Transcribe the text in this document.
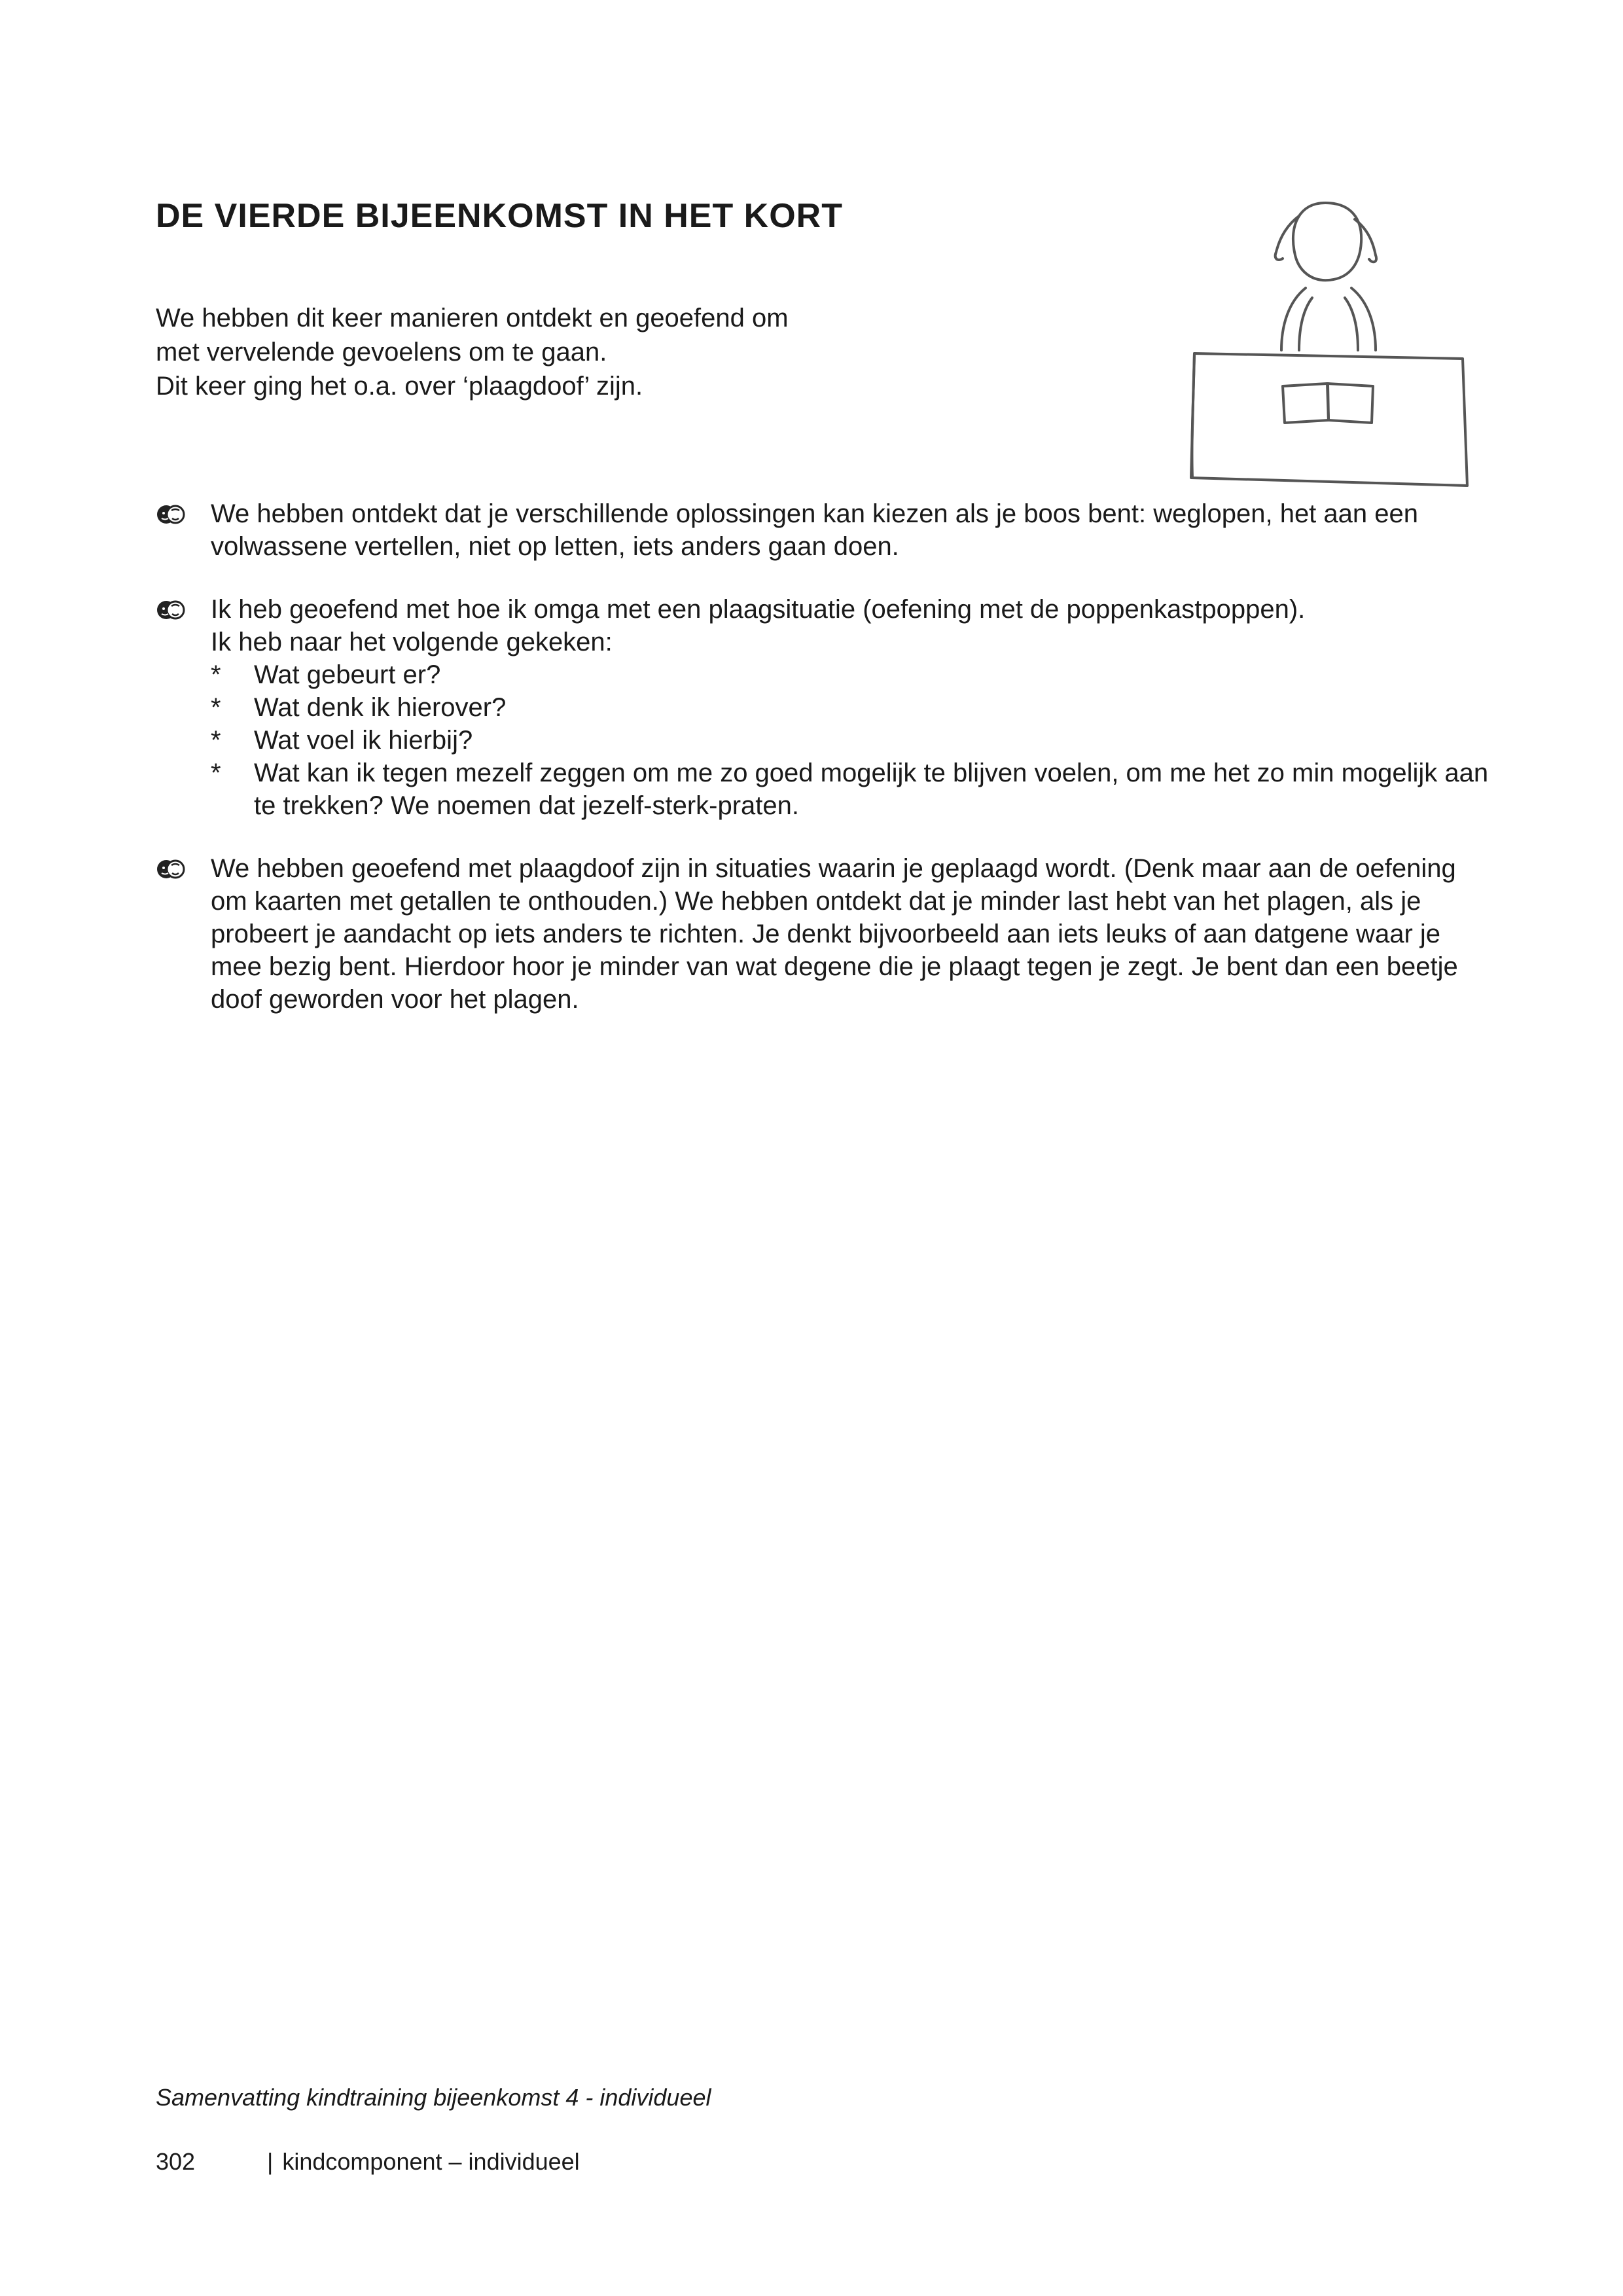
DE VIERDE BIJEENKOMST IN HET KORT
We hebben dit keer manieren ontdekt en geoefend om
met vervelende gevoelens om te gaan.
Dit keer ging het o.a. over ‘plaagdoof’ zijn.

We hebben ontdekt dat je verschillende oplossingen kan kiezen als je boos bent: weglopen, het aan een volwassene vertellen, niet op letten, iets anders gaan doen.

Ik heb geoefend met hoe ik omga met een plaagsituatie (oefening met de poppenkastpoppen).

Ik heb naar het volgende gekeken:

* Wat gebeurt er?
* Wat denk ik hierover?
* Wat voel ik hierbij?
* Wat kan ik tegen mezelf zeggen om me zo goed mogelijk te blijven voelen, om me het zo min mogelijk aan te trekken? We noemen dat jezelf-sterk-praten.

We hebben geoefend met plaagdoof zijn in situaties waarin je geplaagd wordt. (Denk maar aan de oefening om kaarten met getallen te onthouden.) We hebben ontdekt dat je minder last hebt van het plagen, als je probeert je aandacht op iets anders te richten. Je denkt bijvoorbeeld aan iets leuks of aan datgene waar je mee bezig bent. Hierdoor hoor je minder van wat degene die je plaagt tegen je zegt. Je bent dan een beetje doof geworden voor het plagen.

Samenvatting kindtraining bijeenkomst 4 - individueel
302	| kindcomponent – individueel
